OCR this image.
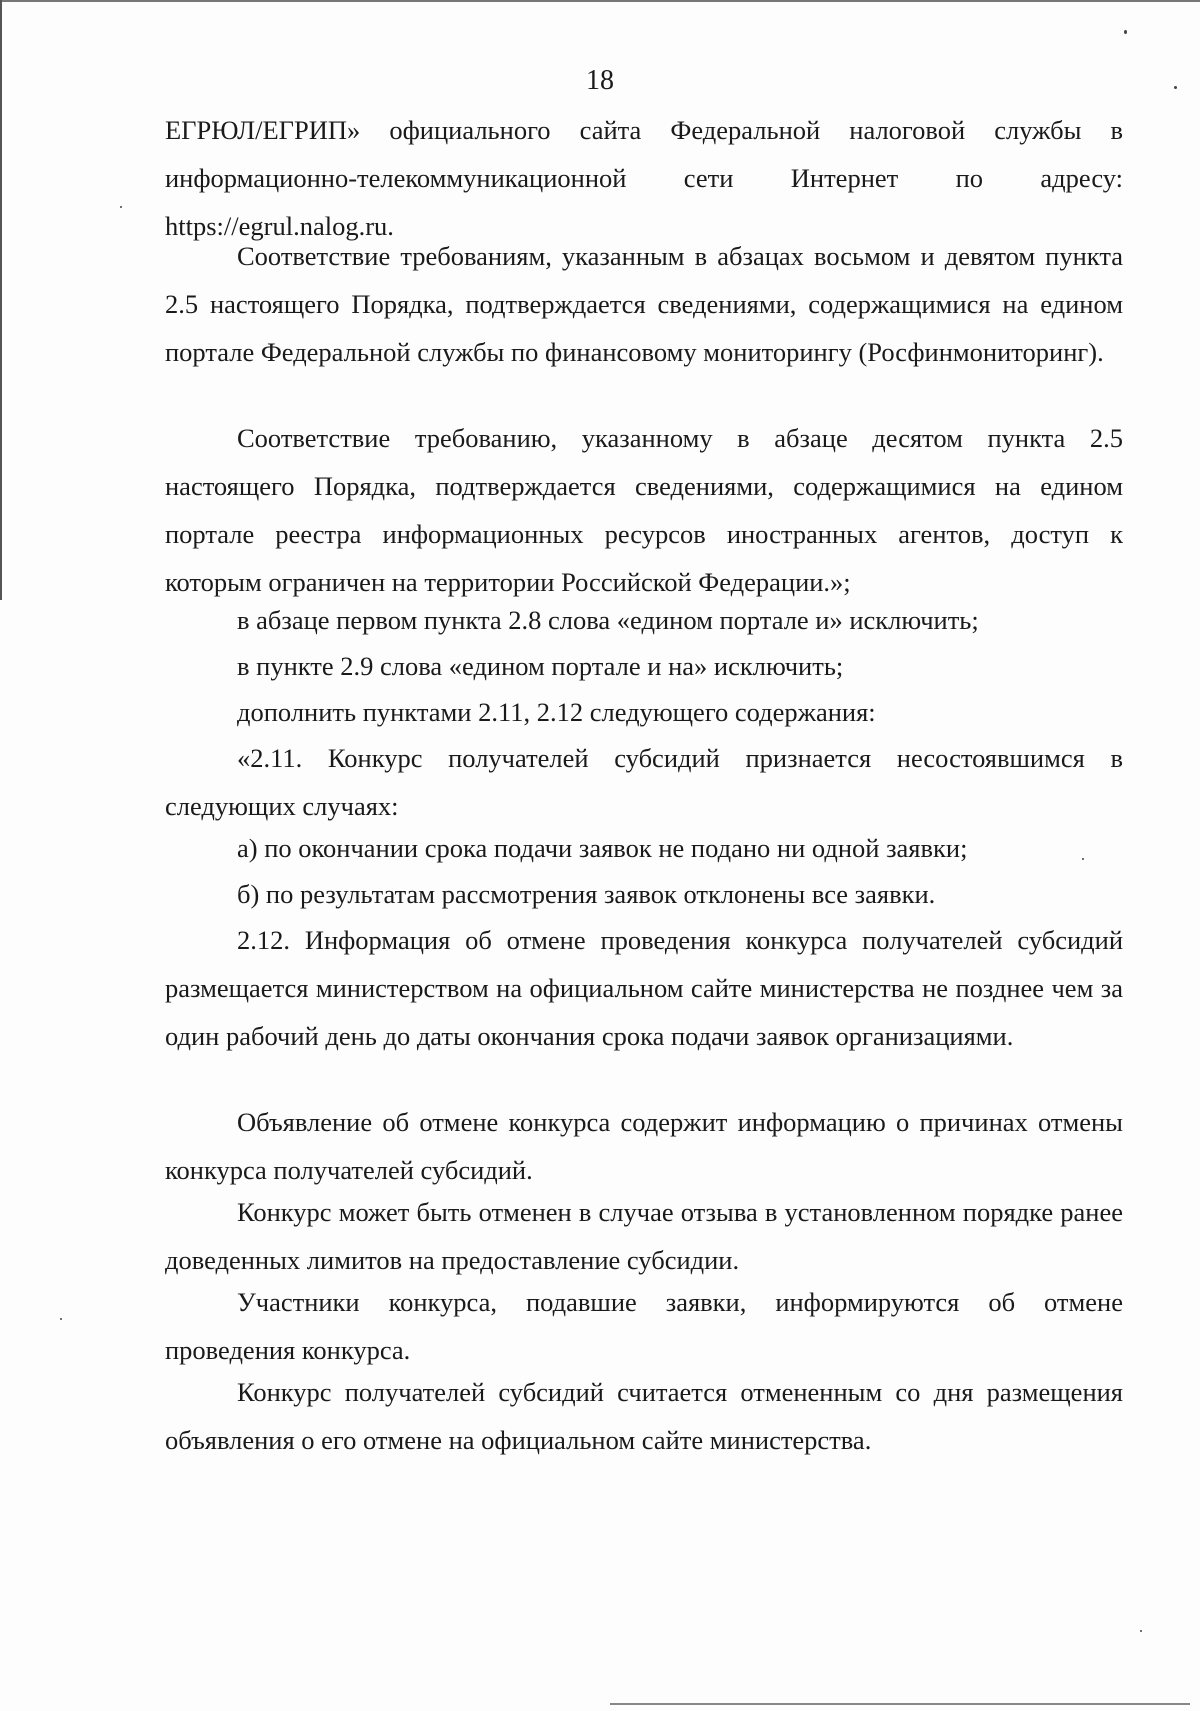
18
ЕГРЮЛ/ЕГРИП» официального сайта Федеральной налоговой службы в
информационно-телекоммуникационной сети Интернет по адресу:
https://egrul.nalog.ru.

Соответствие требованиям, указанным в абзацах восьмом и девятом пункта 2.5 настоящего Порядка, подтверждается сведениями, содержащимися на едином портале Федеральной службы по финансовому мониторингу (Росфинмониторинг).

Соответствие требованию, указанному в абзаце десятом пункта 2.5 настоящего Порядка, подтверждается сведениями, содержащимися на едином портале реестра информационных ресурсов иностранных агентов, доступ к которым ограничен на территории Российской Федерации.»;

в абзаце первом пункта 2.8 слова «едином портале и» исключить;

в пункте 2.9 слова «едином портале и на» исключить;

дополнить пунктами 2.11, 2.12 следующего содержания:

«2.11. Конкурс получателей субсидий признается несостоявшимся в следующих случаях:

а) по окончании срока подачи заявок не подано ни одной заявки;

б) по результатам рассмотрения заявок отклонены все заявки.

2.12. Информация об отмене проведения конкурса получателей субсидий размещается министерством на официальном сайте министерства не позднее чем за один рабочий день до даты окончания срока подачи заявок организациями.

Объявление об отмене конкурса содержит информацию о причинах отмены конкурса получателей субсидий.

Конкурс может быть отменен в случае отзыва в установленном порядке ранее доведенных лимитов на предоставление субсидии.

Участники конкурса, подавшие заявки, информируются об отмене проведения конкурса.

Конкурс получателей субсидий считается отмененным со дня размещения объявления о его отмене на официальном сайте министерства.
